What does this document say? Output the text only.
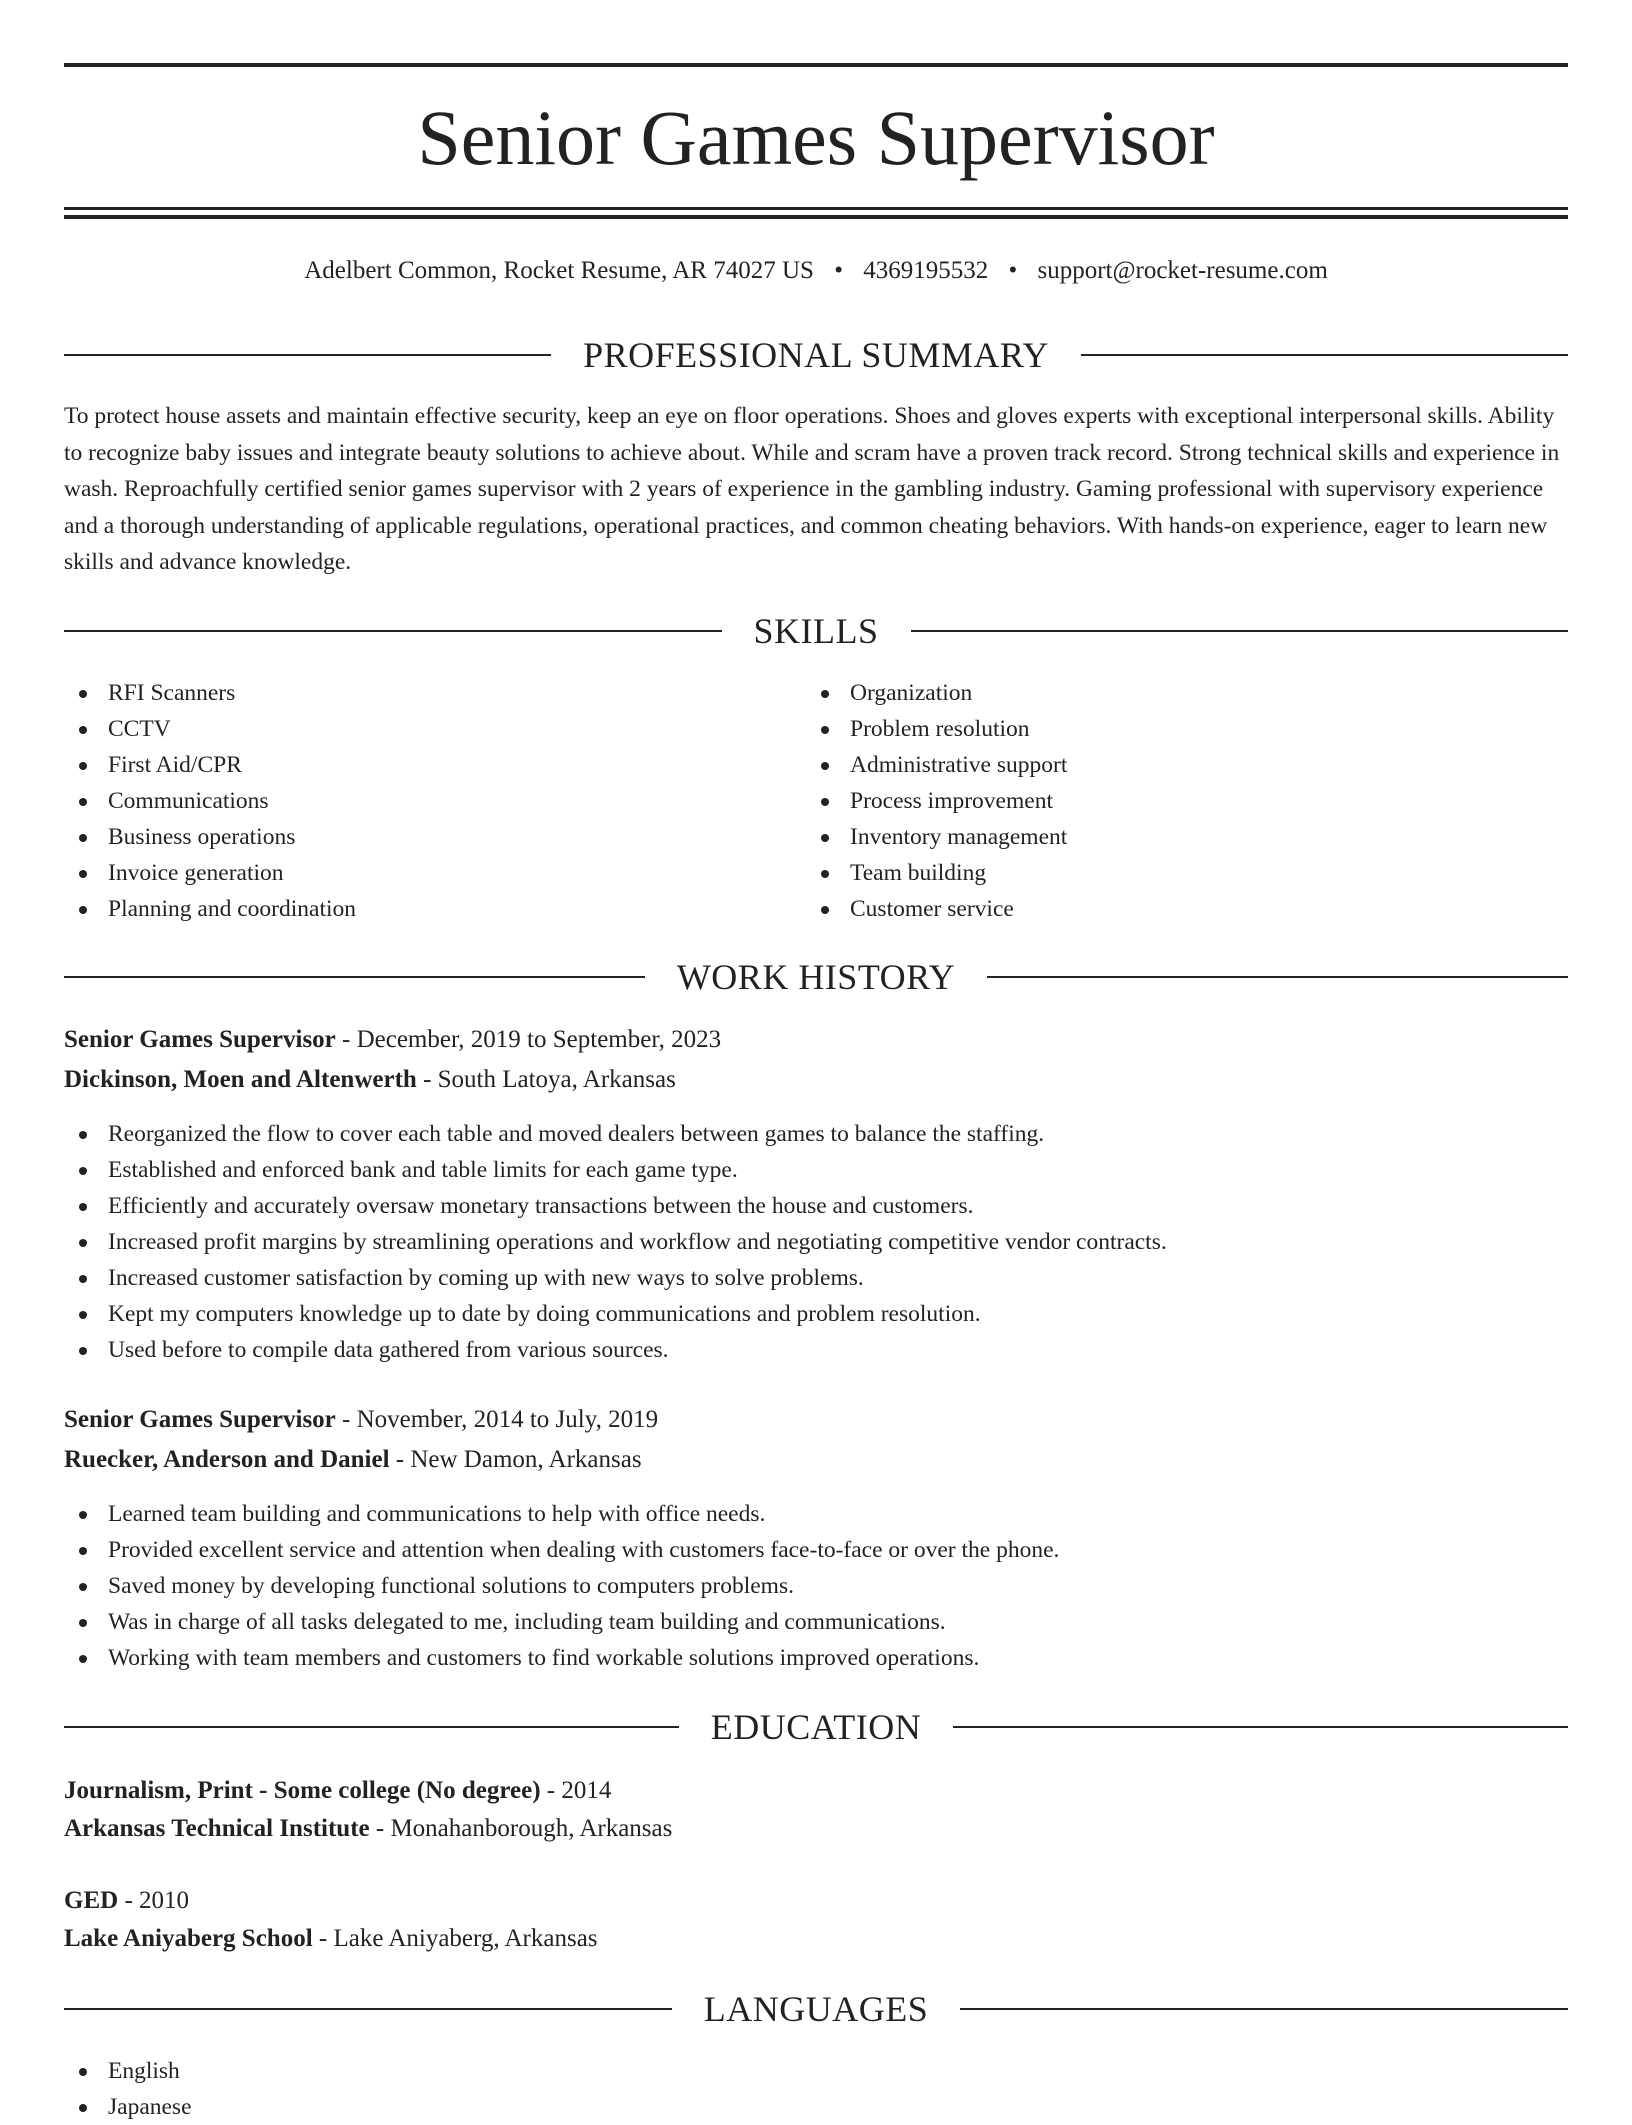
Senior Games Supervisor
Adelbert Common, Rocket Resume, AR 74027 US • 4369195532 • support@rocket-resume.com
PROFESSIONAL SUMMARY

To protect house assets and maintain effective security, keep an eye on floor operations. Shoes and gloves experts with exceptional interpersonal skills. Ability to recognize baby issues and integrate beauty solutions to achieve about. While and scram have a proven track record. Strong technical skills and experience in wash. Reproachfully certified senior games supervisor with 2 years of experience in the gambling industry. Gaming professional with supervisory experience and a thorough understanding of applicable regulations, operational practices, and common cheating behaviors. With hands-on experience, eager to learn new skills and advance knowledge.

SKILLS
RFI Scanners
CCTV
First Aid/CPR
Communications
Business operations
Invoice generation
Planning and coordination
Organization
Problem resolution
Administrative support
Process improvement
Inventory management
Team building
Customer service
WORK HISTORY
Senior Games Supervisor - December, 2019 to September, 2023
Dickinson, Moen and Altenwerth - South Latoya, Arkansas
Reorganized the flow to cover each table and moved dealers between games to balance the staffing.
Established and enforced bank and table limits for each game type.
Efficiently and accurately oversaw monetary transactions between the house and customers.
Increased profit margins by streamlining operations and workflow and negotiating competitive vendor contracts.
Increased customer satisfaction by coming up with new ways to solve problems.
Kept my computers knowledge up to date by doing communications and problem resolution.
Used before to compile data gathered from various sources.
Senior Games Supervisor - November, 2014 to July, 2019
Ruecker, Anderson and Daniel - New Damon, Arkansas
Learned team building and communications to help with office needs.
Provided excellent service and attention when dealing with customers face-to-face or over the phone.
Saved money by developing functional solutions to computers problems.
Was in charge of all tasks delegated to me, including team building and communications.
Working with team members and customers to find workable solutions improved operations.
EDUCATION
Journalism, Print - Some college (No degree) - 2014
Arkansas Technical Institute - Monahanborough, Arkansas
GED - 2010
Lake Aniyaberg School - Lake Aniyaberg, Arkansas
LANGUAGES
English
Japanese
